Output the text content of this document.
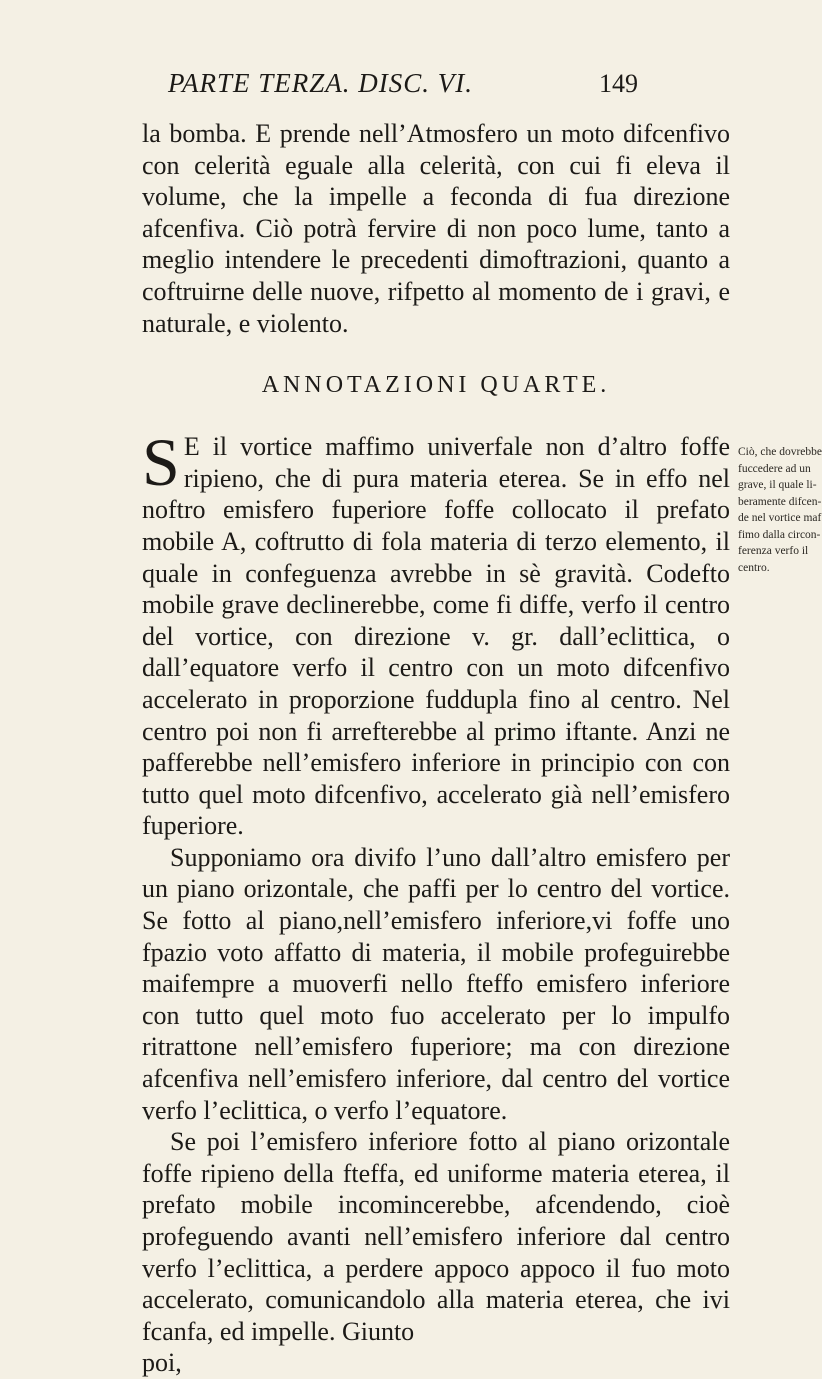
PARTE TERZA. DISC. VI.	149

la bomba. E prende nell’Atmosfero un moto difcenfivo con celerità eguale alla celerità, con cui fi eleva il volume, che la impelle a feconda di fua direzione afcenfiva. Ciò potrà fervire di non poco lume, tanto a meglio intendere le precedenti dimoftrazioni, quanto a coftruirne delle nuove, rifpetto al momento de i gravi, e naturale, e violento.

ANNOTAZIONI QUARTE.

S E il vortice maffimo univerfale non d’altro foffe ripieno, che di pura materia eterea. Se in effo nel noftro emisfero fuperiore foffe collocato il prefato mobile A, coftrutto di fola materia di terzo elemento, il quale in confeguenza avrebbe in sè gravità. Codefto mobile grave declinerebbe, come fi diffe, verfo il centro del vortice, con direzione v. gr. dall’eclittica, o dall’equatore verfo il centro con un moto difcenfivo accelerato in proporzione fuddupla fino al centro. Nel centro poi non fi arrefterebbe al primo iftante. Anzi ne pafferebbe nell’emisfero inferiore in principio con con tutto quel moto difcenfivo, accelerato già nell’emisfero fuperiore.

Supponiamo ora divifo l’uno dall’altro emisfero per un piano orizontale, che paffi per lo centro del vortice. Se fotto al piano,nell’emisfero inferiore,vi foffe uno fpazio voto affatto di materia, il mobile profeguirebbe maifempre a muoverfi nello fteffo emisfero inferiore con tutto quel moto fuo accelerato per lo impulfo ritrattone nell’emisfero fuperiore; ma con direzione afcenfiva nell’emisfero inferiore, dal centro del vortice verfo l’eclittica, o verfo l’equatore.

Se poi l’emisfero inferiore fotto al piano orizontale foffe ripieno della fteffa, ed uniforme materia eterea, il prefato mobile incomincerebbe, afcendendo, cioè profeguendo avanti nell’emisfero inferiore dal centro verfo l’eclittica, a perdere appoco appoco il fuo moto accelerato, comunicandolo alla materia eterea, che ivi fcanfa, ed impelle. Giunto

poi,
Ciò, che dovrebbe
fuccedere ad un
grave, il quale li-
beramente difcen-
de nel vortice maf
fimo dalla circon-
ferenza verfo il
centro.
